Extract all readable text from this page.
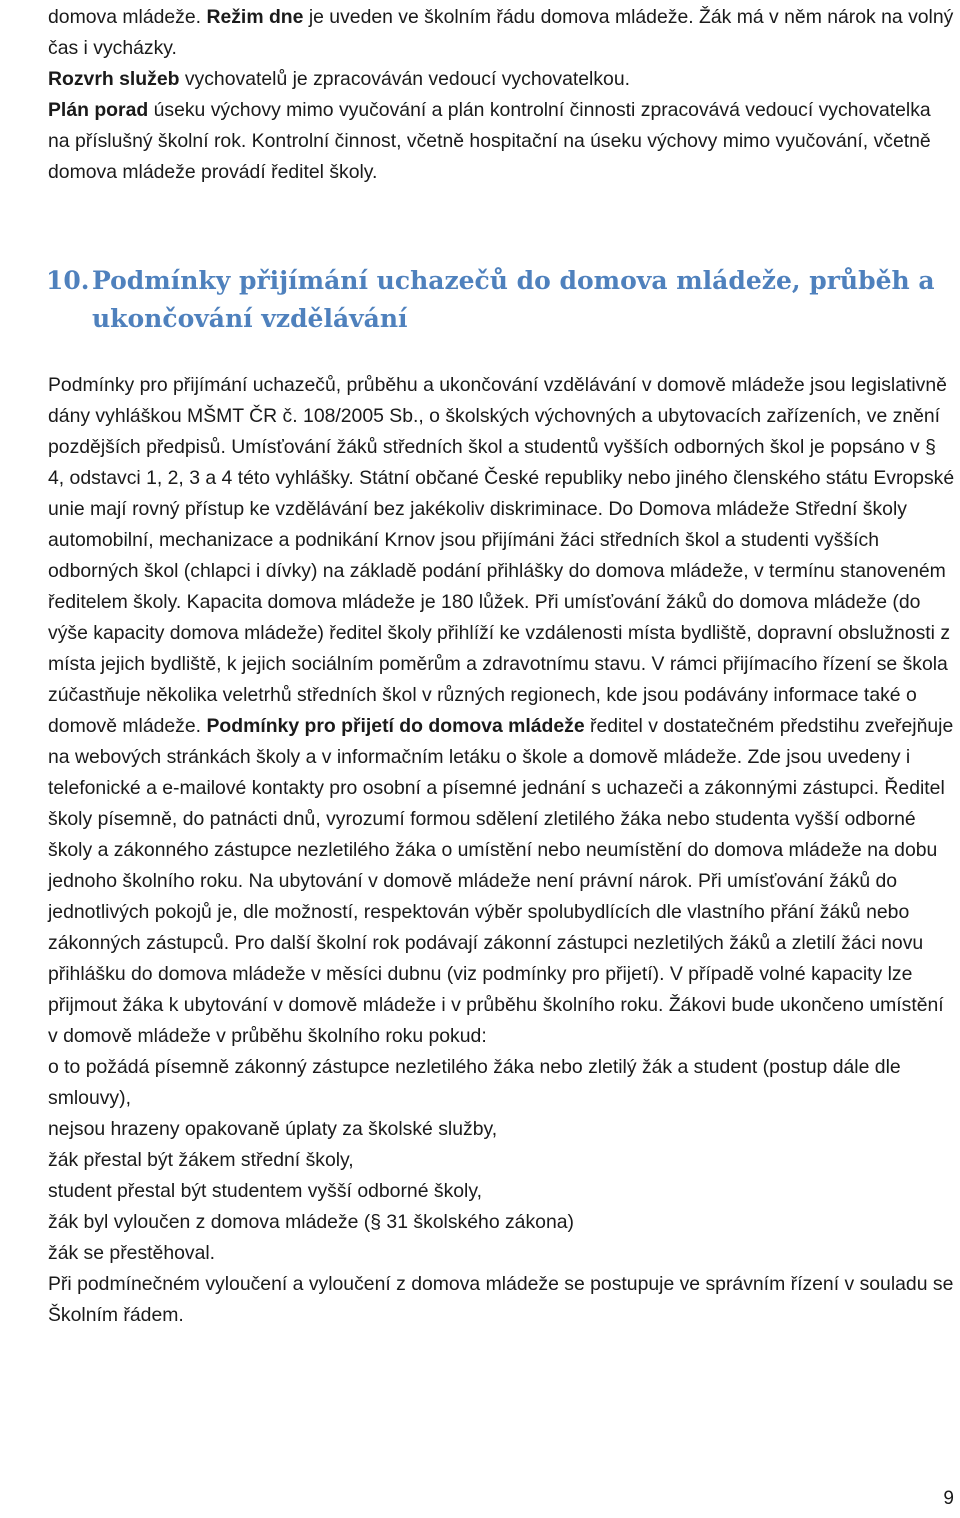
domova mládeže. Režim dne je uveden ve školním řádu domova mládeže. Žák má v něm nárok na volný čas i vycházky.
Rozvrh služeb vychovatelů je zpracováván vedoucí vychovatelkou.
Plán porad úseku výchovy mimo vyučování a plán kontrolní činnosti zpracovává vedoucí vychovatelka na příslušný školní rok. Kontrolní činnost, včetně hospitační na úseku výchovy mimo vyučování, včetně domova mládeže provádí ředitel školy.

10. Podmínky přijímání uchazečů do domova mládeže, průběh a ukončování vzdělávání

Podmínky pro přijímání uchazečů, průběhu a ukončování vzdělávání v domově mládeže jsou legislativně dány vyhláškou MŠMT ČR č. 108/2005 Sb., o školských výchovných a ubytovacích zařízeních, ve znění pozdějších předpisů. Umísťování žáků středních škol a studentů vyšších odborných škol je popsáno v § 4, odstavci 1, 2, 3 a 4 této vyhlášky. Státní občané České republiky nebo jiného členského státu Evropské unie mají rovný přístup ke vzdělávání bez jakékoliv diskriminace. Do Domova mládeže Střední školy automobilní, mechanizace a podnikání Krnov jsou přijímáni žáci středních škol a studenti vyšších odborných škol (chlapci i dívky) na základě podání přihlášky do domova mládeže, v termínu stanoveném ředitelem školy. Kapacita domova mládeže je 180 lůžek. Při umísťování žáků do domova mládeže (do výše kapacity domova mládeže) ředitel školy přihlíží ke vzdálenosti místa bydliště, dopravní obslužnosti z místa jejich bydliště, k jejich sociálním poměrům a zdravotnímu stavu. V rámci přijímacího řízení se škola zúčastňuje několika veletrhů středních škol v různých regionech, kde jsou podávány informace také o domově mládeže. Podmínky pro přijetí do domova mládeže ředitel v dostatečném předstihu zveřejňuje na webových stránkách školy a v informačním letáku o škole a domově mládeže. Zde jsou uvedeny i telefonické a e-mailové kontakty pro osobní a písemné jednání s uchazeči a zákonnými zástupci. Ředitel školy písemně, do patnácti dnů, vyrozumí formou sdělení zletilého žáka nebo studenta vyšší odborné školy a zákonného zástupce nezletilého žáka o umístění nebo neumístění do domova mládeže na dobu jednoho školního roku. Na ubytování v domově mládeže není právní nárok. Při umísťování žáků do jednotlivých pokojů je, dle možností, respektován výběr spolubydlících dle vlastního přání žáků nebo zákonných zástupců. Pro další školní rok podávají zákonní zástupci nezletilých žáků a zletilí žáci novu přihlášku do domova mládeže v měsíci dubnu (viz podmínky pro přijetí). V případě volné kapacity lze přijmout žáka k ubytování v domově mládeže i v průběhu školního roku. Žákovi bude ukončeno umístění v domově mládeže v průběhu školního roku pokud:

o to požádá písemně zákonný zástupce nezletilého žáka nebo zletilý žák a student (postup dále dle smlouvy),

nejsou hrazeny opakovaně úplaty za školské služby,

žák přestal být žákem střední školy,

student přestal být studentem vyšší odborné školy,

žák byl vyloučen z domova mládeže (§ 31 školského zákona)

žák se přestěhoval.

Při podmínečném vyloučení a vyloučení z domova mládeže se postupuje ve správním řízení v souladu se Školním řádem.

9
